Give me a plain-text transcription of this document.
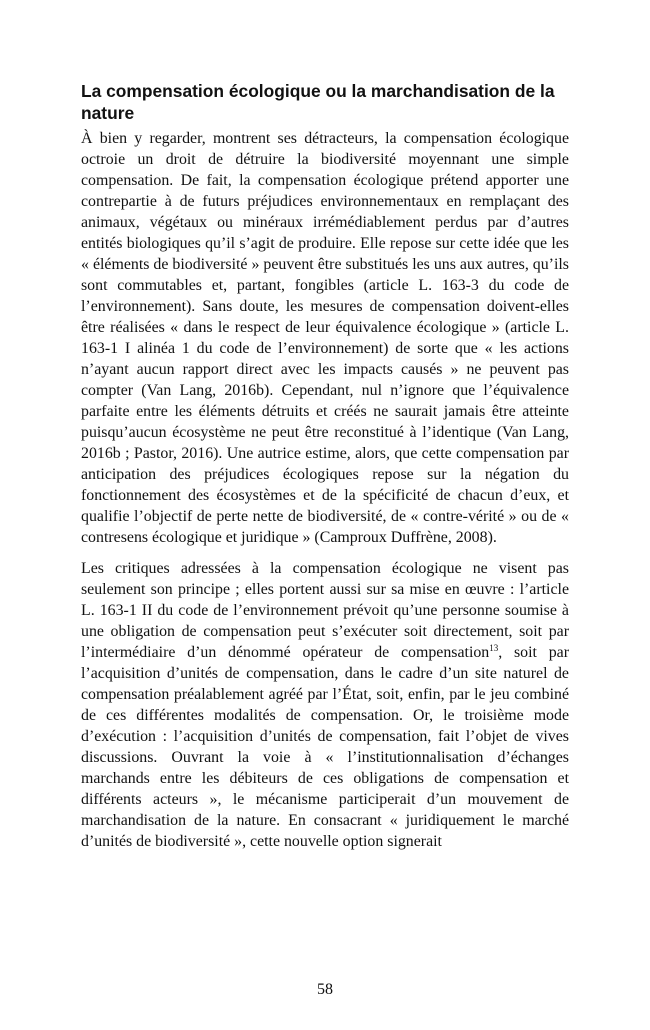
La compensation écologique ou la marchandisation de la nature

À bien y regarder, montrent ses détracteurs, la compensation écologique octroie un droit de détruire la biodiversité moyennant une simple compensation. De fait, la compensation écologique prétend apporter une contrepartie à de futurs préjudices environnementaux en remplaçant des animaux, végétaux ou minéraux irrémédiablement perdus par d’autres entités biologiques qu’il s’agit de produire. Elle repose sur cette idée que les « éléments de biodiversité » peuvent être substitués les uns aux autres, qu’ils sont commutables et, partant, fongibles (article L. 163-3 du code de l’environnement). Sans doute, les mesures de compensation doivent-elles être réalisées « dans le respect de leur équivalence écologique » (article L. 163-1 I alinéa 1 du code de l’environnement) de sorte que « les actions n’ayant aucun rapport direct avec les impacts causés » ne peuvent pas compter (Van Lang, 2016b). Cependant, nul n’ignore que l’équivalence parfaite entre les éléments détruits et créés ne saurait jamais être atteinte puisqu’aucun écosystème ne peut être reconstitué à l’identique (Van Lang, 2016b ; Pastor, 2016). Une autrice estime, alors, que cette compensation par anticipation des préjudices écologiques repose sur la négation du fonctionnement des écosystèmes et de la spécificité de chacun d’eux, et qualifie l’objectif de perte nette de biodiversité, de « contre-vérité » ou de « contresens écologique et juridique » (Camproux Duffrène, 2008).

Les critiques adressées à la compensation écologique ne visent pas seulement son principe ; elles portent aussi sur sa mise en œuvre : l’article L. 163-1 II du code de l’environnement prévoit qu’une personne soumise à une obligation de compensation peut s’exécuter soit directement, soit par l’intermédiaire d’un dénommé opérateur de compensation$^{13}$, soit par l’acquisition d’unités de compensation, dans le cadre d’un site naturel de compensation préalablement agréé par l’État, soit, enfin, par le jeu combiné de ces différentes modalités de compensation. Or, le troisième mode d’exécution : l’acquisition d’unités de compensation, fait l’objet de vives discussions. Ouvrant la voie à « l’institutionnalisation d’échanges marchands entre les débiteurs de ces obligations de compensation et différents acteurs », le mécanisme participerait d’un mouvement de marchandisation de la nature. En consacrant « juridiquement le marché d’unités de biodiversité », cette nouvelle option signerait

58
